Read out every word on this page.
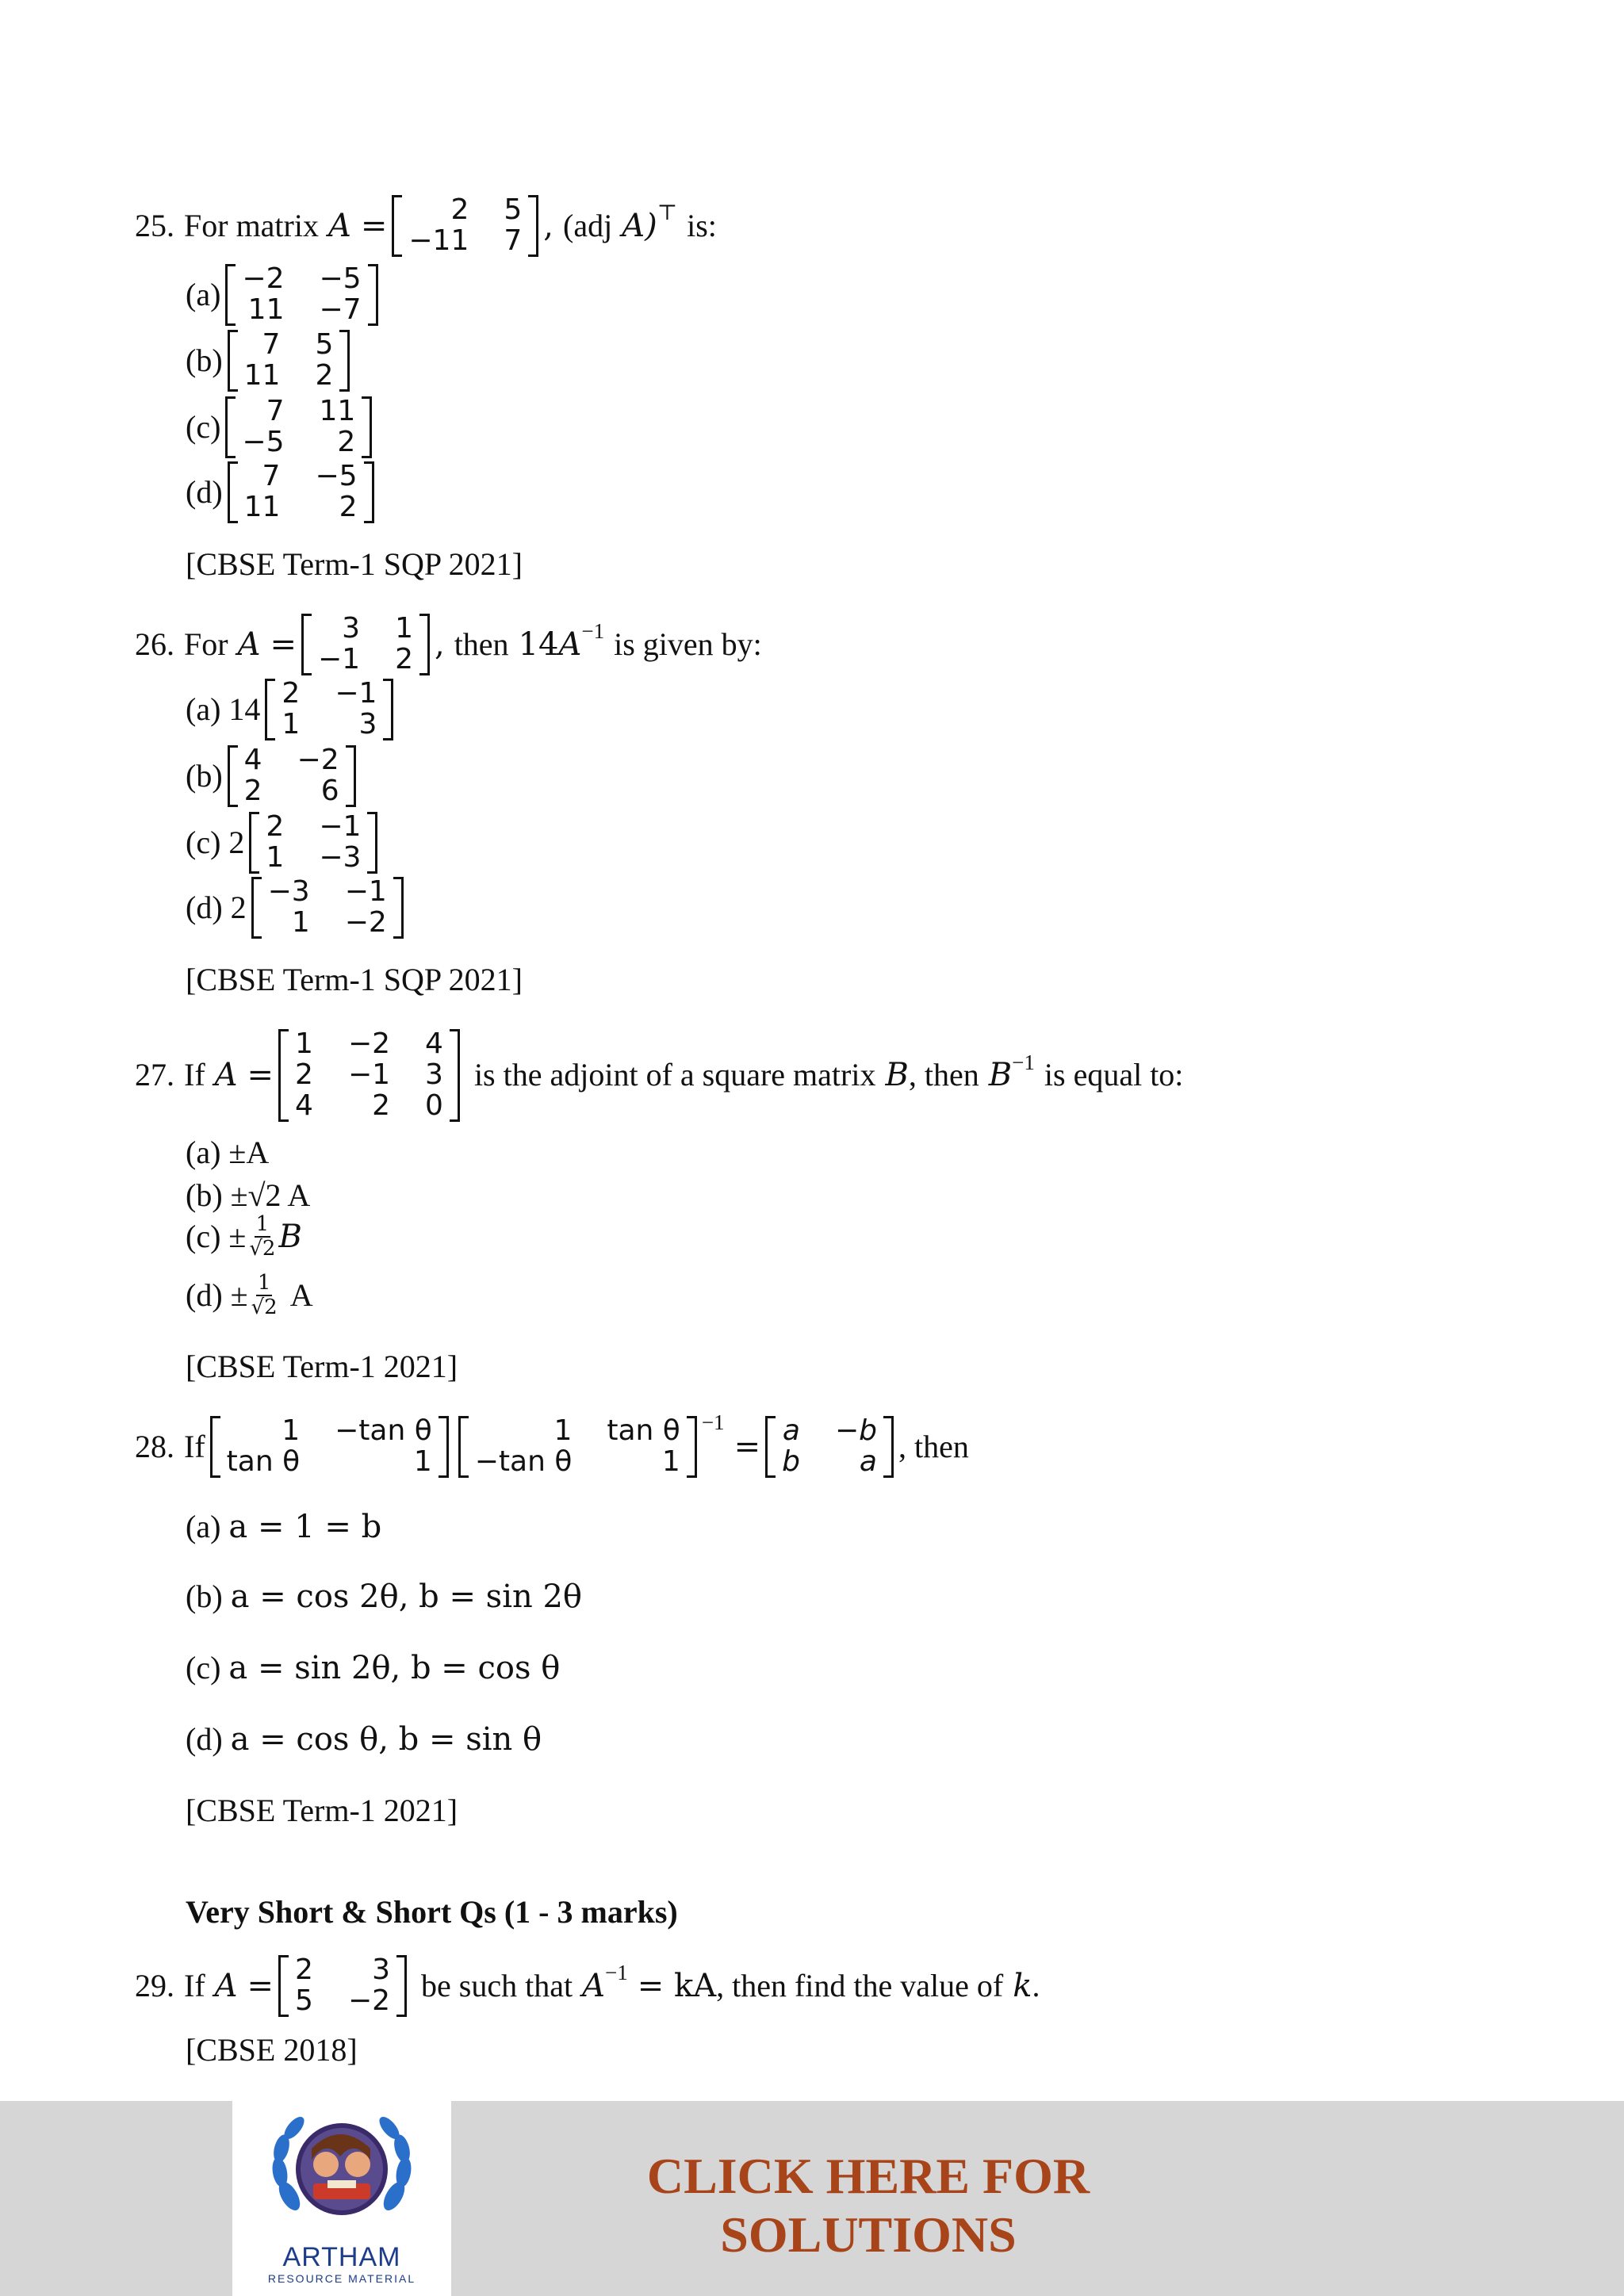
25. For matrix A =	2 5
−11 7 , (adj A)⊤ is:
(a) −2 −5
11 −7
(b)	7 5
11 2
(c)	7 11
−5	2
(d)	7 −5
11	2
[CBSE Term-1 SQP 2021]
26. For A =	3 1
−1 2 , then 14 $A^{-1}$ is given by:
(a) 14 2 −1
1	3
(b) 4 −2
2	6
(c) 2 2 −1
1 −3
(d) 2 −3 −1
1 −2
[CBSE Term-1 SQP 2021]
27. If A =
1 −2 4
2 −1 3
4	2 0
is the adjoint of a square matrix B , then $B^{-1}$ is equal to:
(a) ±A
(b) ±√2 A
$(c) \pm \frac{1}{√2}$ B
$(d) \pm \frac{1}{√2}$ A
[CBSE Term-1 2021]
28. If	1 −tan θ
tan θ	1
1 tan θ
−tan θ	1
$^{-1}$
= a −b
b	a , then
(a) a = 1 = b
(b) a = cos 2θ, b = sin 2θ
(c) a = sin 2θ, b = cos θ
(d) a = cos θ, b = sin θ
[CBSE Term-1 2021]
Very Short & Short Qs (1 - 3 marks)
29. If A = 2	3
5 −2 be such that $A^{-1}$ = kA , then find the value of k .
[CBSE 2018]
ARTHAM
RESOURCE MATERIAL
CLICK HERE FOR
SOLUTIONS
